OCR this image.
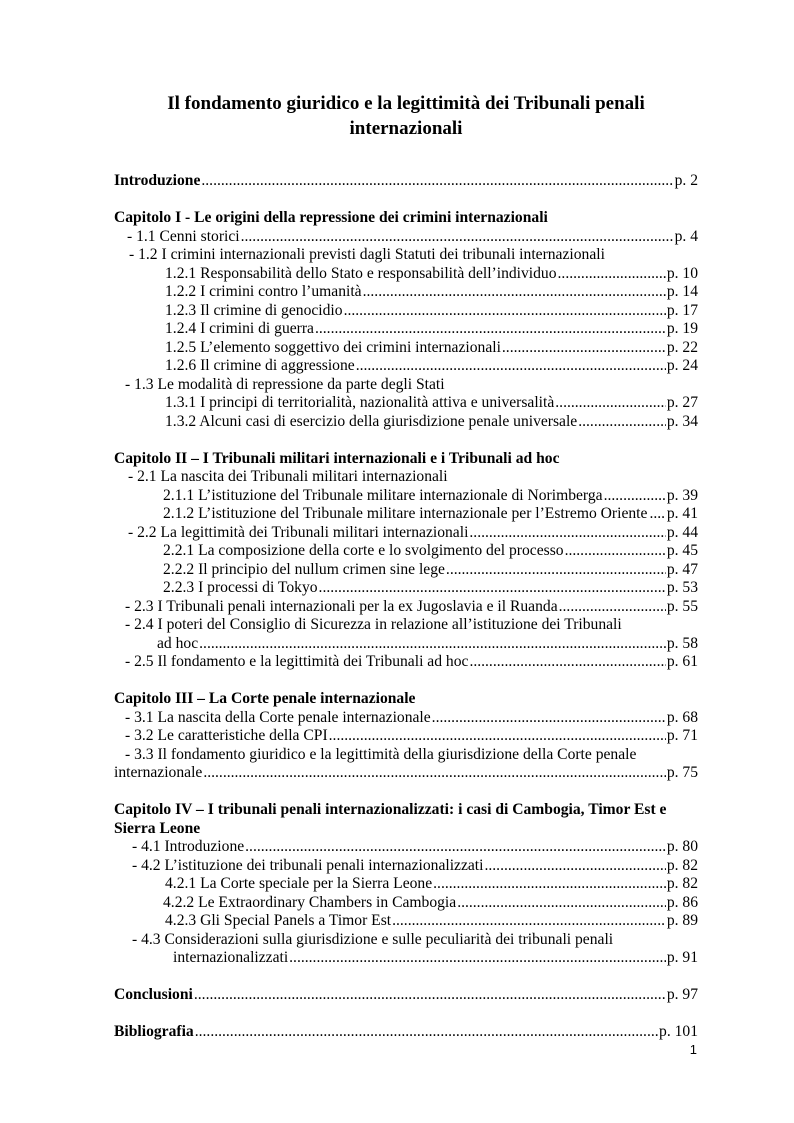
Il fondamento giuridico e la legittimità dei Tribunali penali
internazionali
Introduzione .....	p. 2
Capitolo I - Le origini della repressione dei crimini internazionali
- 1.1 Cenni storici .....	p. 4
- 1.2 I crimini internazionali previsti dagli Statuti dei tribunali internazionali
1.2.1 Responsabilità dello Stato e responsabilità dell’individuo .....	p. 10
1.2.2 I crimini contro l’umanità .....	p. 14
1.2.3 Il crimine di genocidio .....	p. 17
1.2.4 I crimini di guerra .....	p. 19
1.2.5 L’elemento soggettivo dei crimini internazionali .....	p. 22
1.2.6 Il crimine di aggressione .....	p. 24
- 1.3 Le modalità di repressione da parte degli Stati
1.3.1 I principi di territorialità, nazionalità attiva e universalità .....	p. 27
1.3.2 Alcuni casi di esercizio della giurisdizione penale universale .....	p. 34
Capitolo II – I Tribunali militari internazionali e i Tribunali ad hoc
- 2.1 La nascita dei Tribunali militari internazionali
2.1.1 L’istituzione del Tribunale militare internazionale di Norimberga .....	p. 39
2.1.2 L’istituzione del Tribunale militare internazionale per l’Estremo Oriente ..... p. 41
- 2.2 La legittimità dei Tribunali militari internazionali .....	p. 44
2.2.1 La composizione della corte e lo svolgimento del processo .....	p. 45
2.2.2 Il principio del nullum crimen sine lege .....	p. 47
2.2.3 I processi di Tokyo .....	p. 53
- 2.3 I Tribunali penali internazionali per la ex Jugoslavia e il Ruanda .....	p. 55
- 2.4 I poteri del Consiglio di Sicurezza in relazione all’istituzione dei Tribunali
ad hoc .....	p. 58
- 2.5 Il fondamento e la legittimità dei Tribunali ad hoc .....	p. 61
Capitolo III – La Corte penale internazionale
- 3.1 La nascita della Corte penale internazionale .....	p. 68
- 3.2 Le caratteristiche della CPI .....	p. 71
- 3.3 Il fondamento giuridico e la legittimità della giurisdizione della Corte penale
internazionale .....	p. 75
Capitolo IV – I tribunali penali internazionalizzati: i casi di Cambogia, Timor Est e
Sierra Leone
- 4.1 Introduzione .....	p. 80
- 4.2 L’istituzione dei tribunali penali internazionalizzati .....	p. 82
4.2.1 La Corte speciale per la Sierra Leone .....	p. 82
4.2.2 Le Extraordinary Chambers in Cambogia .....	p. 86
4.2.3 Gli Special Panels a Timor Est .....	p. 89
- 4.3 Considerazioni sulla giurisdizione e sulle peculiarità dei tribunali penali
internazionalizzati .....	p. 91
Conclusioni .....	p. 97
Bibliografia .....	p. 101
1
